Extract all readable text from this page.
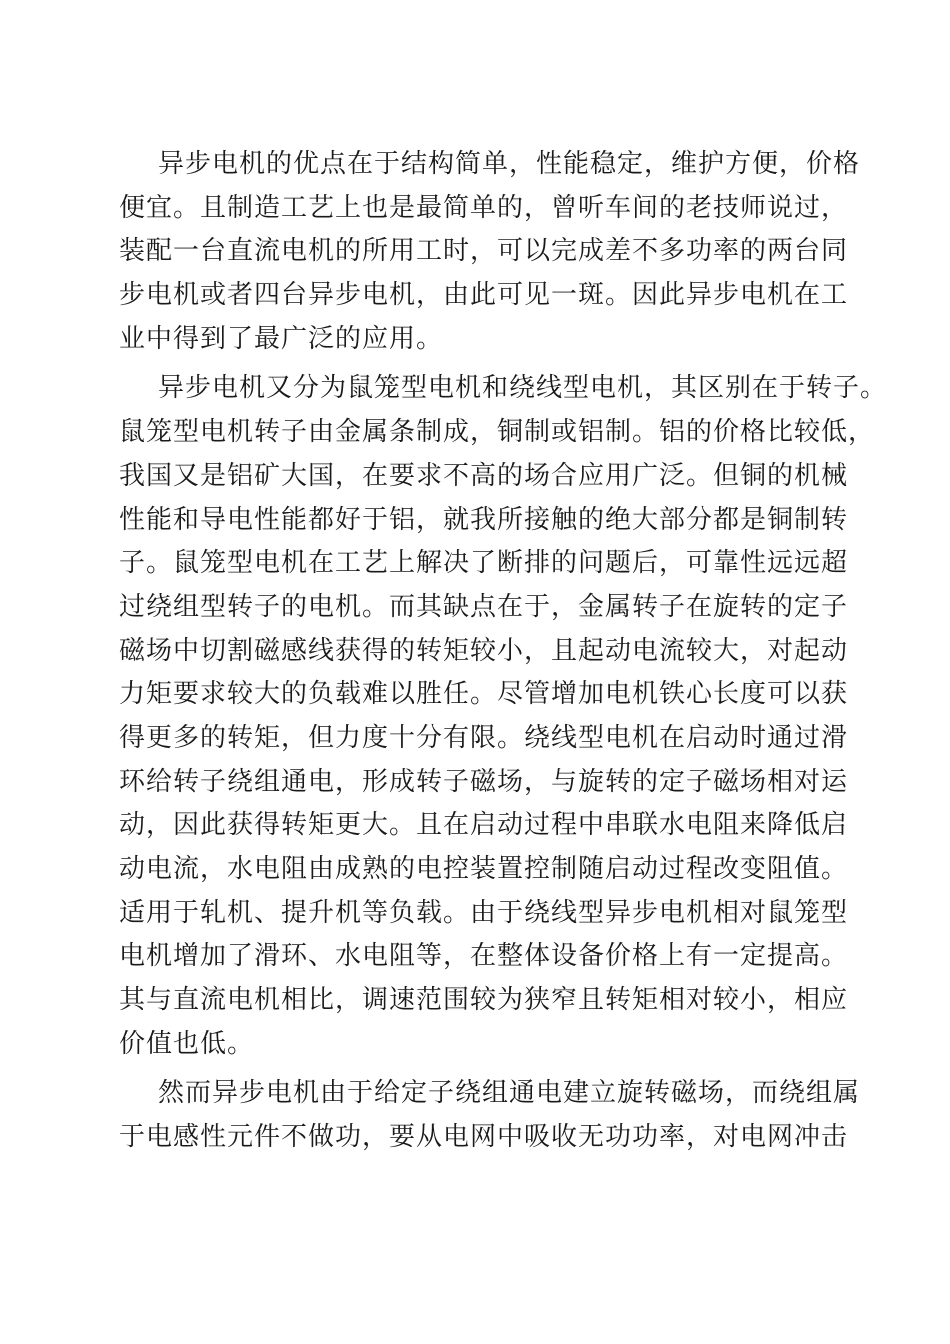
异步电机的优点在于结构简单，性能稳定，维护方便，价格
便宜。且制造工艺上也是最简单的，曾听车间的老技师说过，
装配一台直流电机的所用工时，可以完成差不多功率的两台同
步电机或者四台异步电机，由此可见一斑。因此异步电机在工
业中得到了最广泛的应用。
异步电机又分为鼠笼型电机和绕线型电机，其区别在于转子。
鼠笼型电机转子由金属条制成，铜制或铝制。铝的价格比较低，
我国又是铝矿大国，在要求不高的场合应用广泛。但铜的机械
性能和导电性能都好于铝，就我所接触的绝大部分都是铜制转
子。鼠笼型电机在工艺上解决了断排的问题后，可靠性远远超
过绕组型转子的电机。而其缺点在于，金属转子在旋转的定子
磁场中切割磁感线获得的转矩较小，且起动电流较大，对起动
力矩要求较大的负载难以胜任。尽管增加电机铁心长度可以获
得更多的转矩，但力度十分有限。绕线型电机在启动时通过滑
环给转子绕组通电，形成转子磁场，与旋转的定子磁场相对运
动，因此获得转矩更大。且在启动过程中串联水电阻来降低启
动电流，水电阻由成熟的电控装置控制随启动过程改变阻值。
适用于轧机、提升机等负载。由于绕线型异步电机相对鼠笼型
电机增加了滑环、水电阻等，在整体设备价格上有一定提高。
其与直流电机相比，调速范围较为狭窄且转矩相对较小，相应
价值也低。
然而异步电机由于给定子绕组通电建立旋转磁场，而绕组属
于电感性元件不做功，要从电网中吸收无功功率，对电网冲击
